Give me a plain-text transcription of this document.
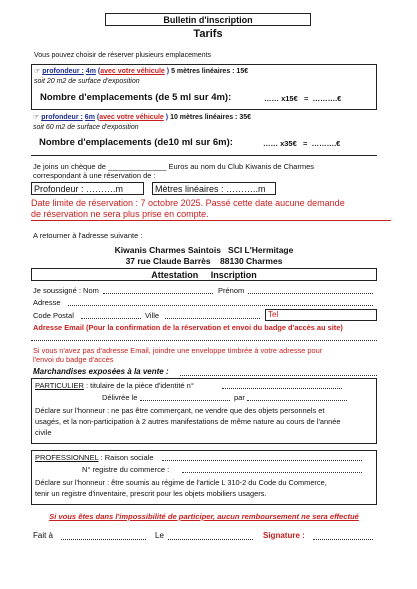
Bulletin d'inscription
Tarifs
Vous pouvez choisir de réserver plusieurs emplacements
☞ profondeur : 4m (avec votre véhicule ) 5 mètres linéaires : 15€
soit 20 m2 de surface d'exposition
Nombre d'emplacements (de 5 ml sur 4m):	…… x15€   =  ……….€
☞ profondeur : 6m (avec votre véhicule ) 10 mètres linéaires : 35€
soit 60 m2 de surface d'exposition
Nombre d'emplacements (de10 ml sur 6m):	…… x35€   =  ……….€
Je joins un chèque de ______________ Euros au nom du Club Kiwanis de Charmes
correspondant à une réservation de :
Profondeur : ……….m	Mètres linéaires : ………..m
Date limite de réservation : 7 octobre 2025. Passé cette date aucune demande
de réservation ne sera plus prise en compte.
A retourner à l'adresse suivante :
Kiwanis Charmes Saintois   SCI L'Hermitage
37 rue Claude Barrès    88130 Charmes
Attestation     Inscription
Je soussigné : Nom	Prénom
Adresse
Code Postal	Ville	Tel
Adresse Email (Pour la confirmation de la réservation et envoi du badge d'accès au site)
Si vous n'avez pas d'adresse Email, joindre une enveloppe timbrée à votre adresse pour
l'envoi du badge d'accès
Marchandises exposées à la vente :
PARTICULIER : titulaire de la pièce d'identité n°
Délivrée le	par
Déclare sur l'honneur : ne pas être commerçant, ne vendre que des objets personnels et
usagés, et la non-participation à 2 autres manifestations de même nature au cours de l'année
civile
PROFESSIONNEL : Raison sociale
N° registre du commerce :
Déclare sur l'honneur : être soumis au régime de l'article L 310-2 du Code du Commerce,
tenir un registre d'inventaire, prescrit pour les objets mobiliers usagers.
Si vous êtes dans l'impossibilité de participer, aucun remboursement ne sera effectué
Fait à	Le	Signature :
